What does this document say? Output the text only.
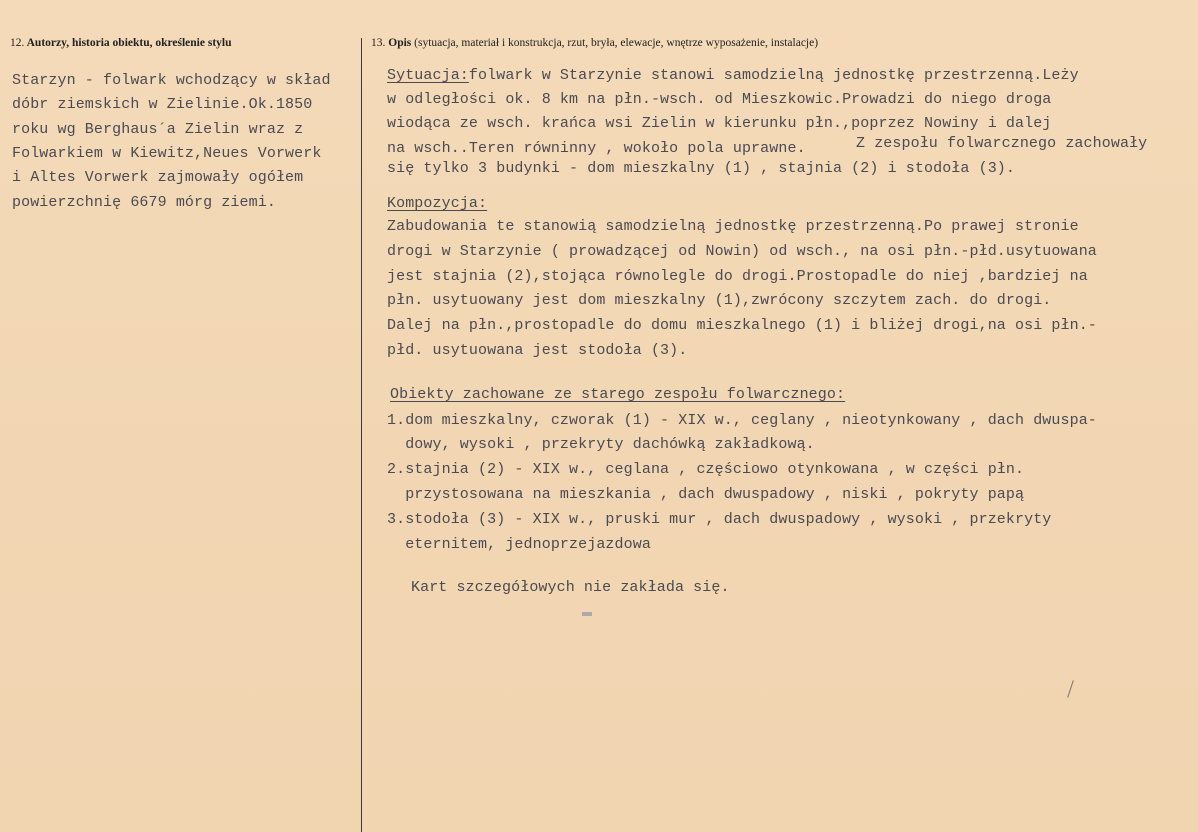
12. Autorzy, historia obiektu, określenie stylu	13. Opis (sytuacja, materiał i konstrukcja, rzut, bryła, elewacje, wnętrze wyposażenie, instalacje)
Starzyn - folwark wchodzący w skład
dóbr ziemskich w Zielinie.Ok.1850
roku wg Berghaus´a Zielin wraz z
Folwarkiem w Kiewitz,Neues Vorwerk
i Altes Vorwerk zajmowały ogółem
powierzchnię 6679 mórg ziemi.
Sytuacja:folwark w Starzynie stanowi samodzielną jednostkę przestrzenną.Leży
w odległości ok. 8 km na płn.-wsch. od Mieszkowic.Prowadzi do niego droga
wiodąca ze wsch. krańca wsi Zielin w kierunku płn.,poprzez Nowiny i dalej
na wsch..Teren równinny , wokoło pola uprawne.	Z zespołu folwarcznego zachowały
się tylko 3 budynki - dom mieszkalny (1) , stajnia (2) i stodoła (3).
Kompozycja:
Zabudowania te stanowią samodzielną jednostkę przestrzenną.Po prawej stronie
drogi w Starzynie ( prowadzącej od Nowin) od wsch., na osi płn.-płd.usytuowana
jest stajnia (2),stojąca równolegle do drogi.Prostopadle do niej ,bardziej na
płn. usytuowany jest dom mieszkalny (1),zwrócony szczytem zach. do drogi.
Dalej na płn.,prostopadle do domu mieszkalnego (1) i bliżej drogi,na osi płn.-
płd. usytuowana jest stodoła (3).
Obiekty zachowane ze starego zespołu folwarcznego:
1.dom mieszkalny, czworak (1) - XIX w., ceglany , nieotynkowany , dach dwuspa-
dowy, wysoki , przekryty dachówką zakładkową.
2.stajnia (2) - XIX w., ceglana , częściowo otynkowana , w części płn.
przystosowana na mieszkania , dach dwuspadowy , niski , pokryty papą
3.stodoła (3) - XIX w., pruski mur , dach dwuspadowy , wysoki , przekryty
eternitem, jednoprzejazdowa
Kart szczegółowych nie zakłada się.
